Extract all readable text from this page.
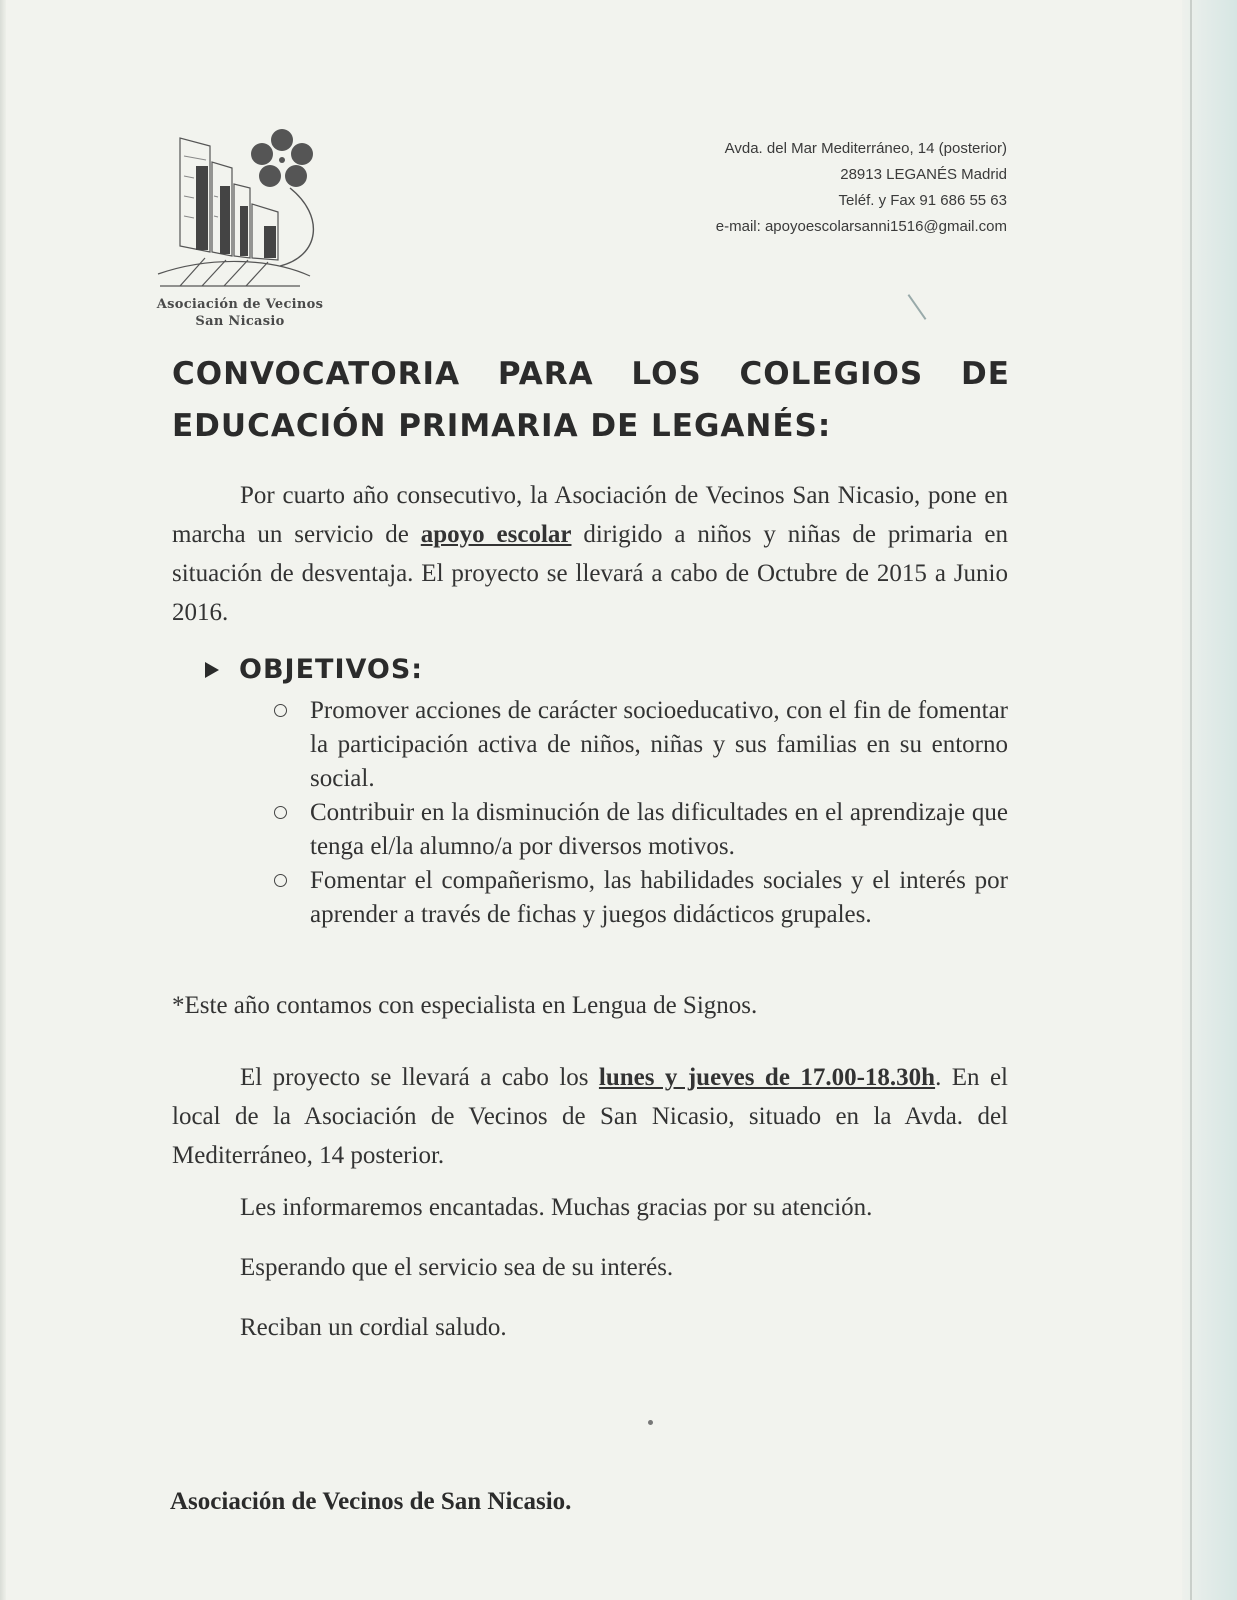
Asociación de Vecinos
San Nicasio
Avda. del Mar Mediterráneo, 14 (posterior)
28913 LEGANÉS Madrid
Teléf. y Fax 91 686 55 63
e-mail: apoyoescolarsanni1516@gmail.com
CONVOCATORIA PARA LOS COLEGIOS DE
EDUCACIÓN PRIMARIA DE LEGANÉS:

Por cuarto año consecutivo, la Asociación de Vecinos San Nicasio, pone en marcha un servicio de apoyo escolar dirigido a niños y niñas de primaria en situación de desventaja. El proyecto se llevará a cabo de Octubre de 2015 a Junio 2016.

OBJETIVOS:
Promover acciones de carácter socioeducativo, con el fin de fomentar la participación activa de niños, niñas y sus familias en su entorno social.
Contribuir en la disminución de las dificultades en el aprendizaje que tenga el/la alumno/a por diversos motivos.
Fomentar el compañerismo, las habilidades sociales y el interés por aprender a través de fichas y juegos didácticos grupales.
*Este año contamos con especialista en Lengua de Signos.

El proyecto se llevará a cabo los lunes y jueves de 17.00-18.30h. En el local de la Asociación de Vecinos de San Nicasio, situado en la Avda. del Mediterráneo, 14 posterior.

Les informaremos encantadas. Muchas gracias por su atención.
Esperando que el servicio sea de su interés.
Reciban un cordial saludo.
Asociación de Vecinos de San Nicasio.
